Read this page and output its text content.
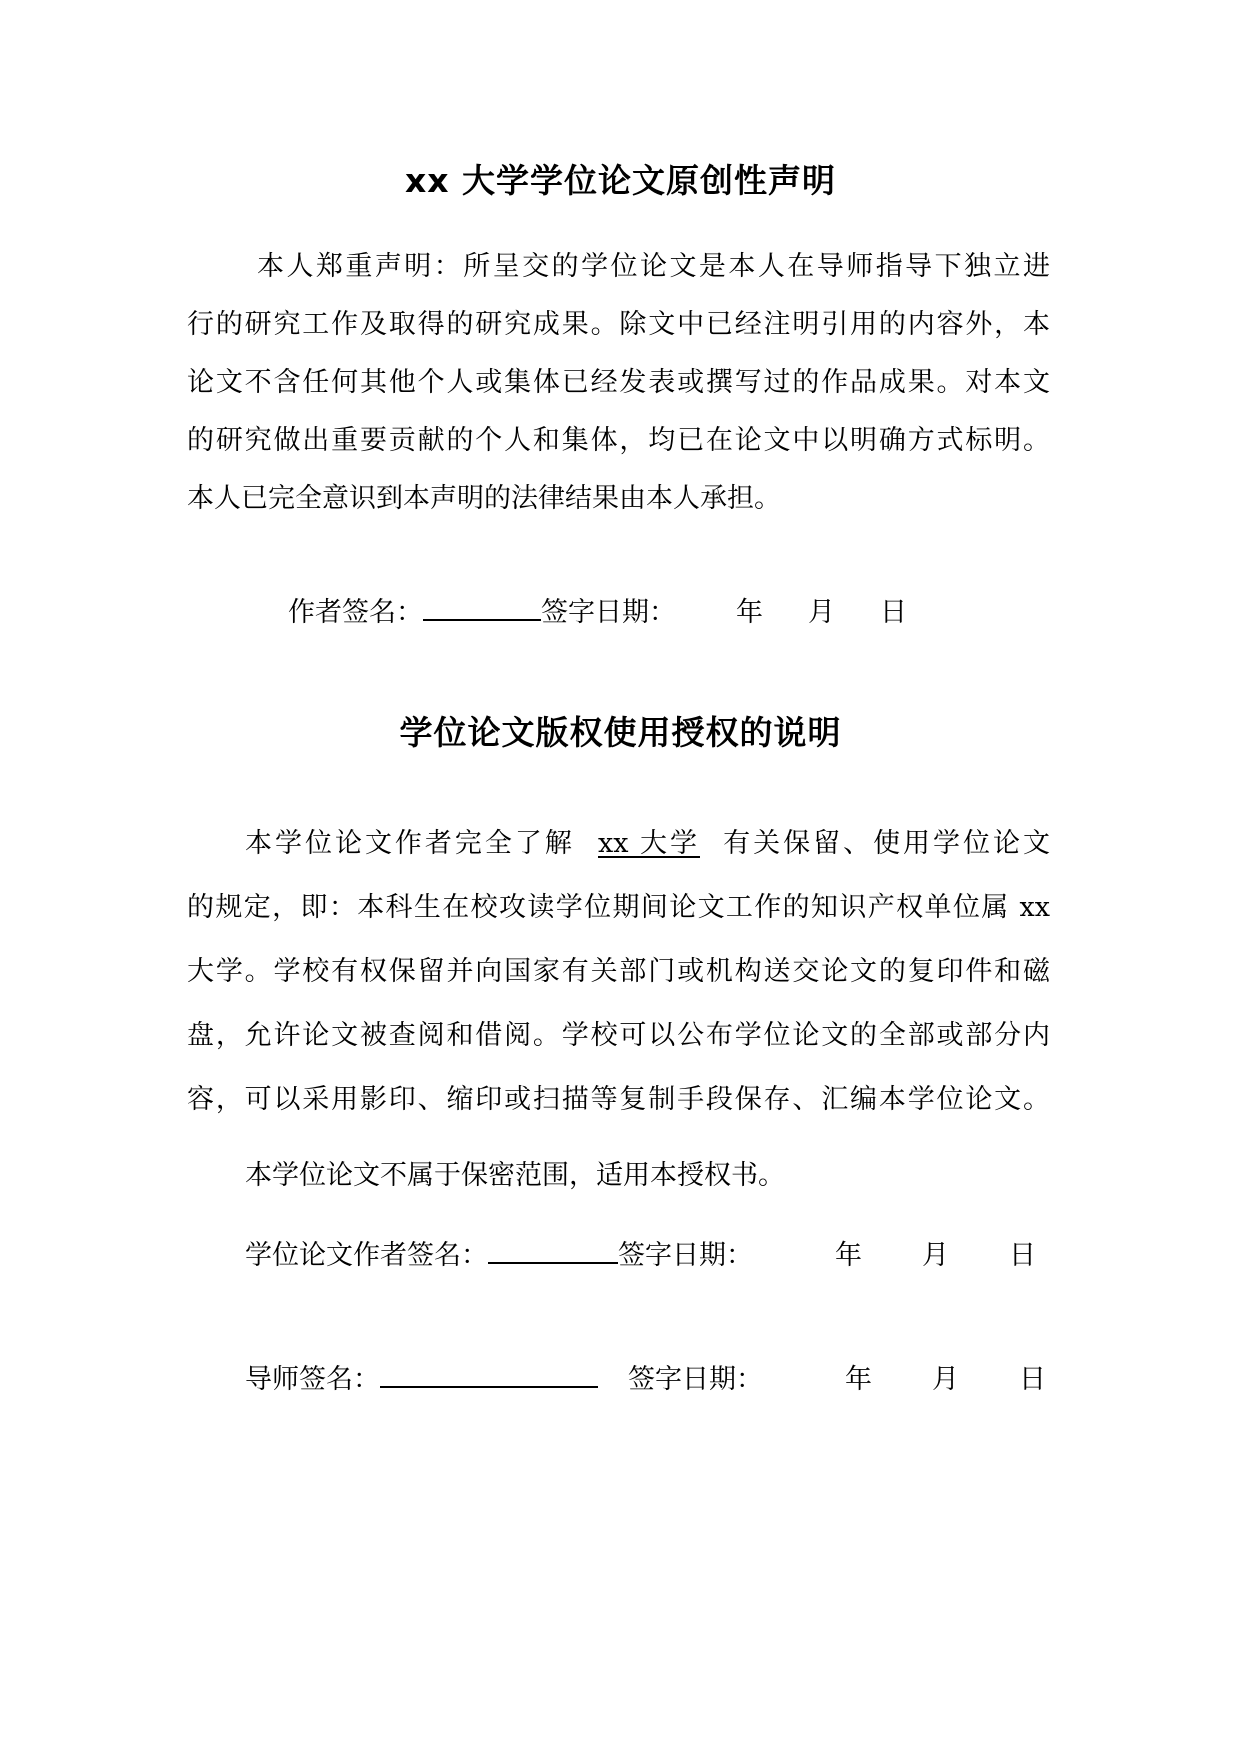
xx 大学学位论文原创性声明
本人郑重声明：所呈交的学位论文是本人在导师指导下独立进
行的研究工作及取得的研究成果。除文中已经注明引用的内容外，本
论文不含任何其他个人或集体已经发表或撰写过的作品成果。对本文
的研究做出重要贡献的个人和集体，均已在论文中以明确方式标明。
本人已完全意识到本声明的法律结果由本人承担。
作者签名：	签字日期： 年 月 日
学位论文版权使用授权的说明
本学位论文作者完全了解 xx 大学 有关保留、使用学位论文
的规定，即：本科生在校攻读学位期间论文工作的知识产权单位属 xx
大学。学校有权保留并向国家有关部门或机构送交论文的复印件和磁
盘，允许论文被查阅和借阅。学校可以公布学位论文的全部或部分内
容，可以采用影印、缩印或扫描等复制手段保存、汇编本学位论文。
本学位论文不属于保密范围，适用本授权书。
学位论文作者签名：	签字日期：	年 月 日
导师签名：	签字日期：	年 月 日
